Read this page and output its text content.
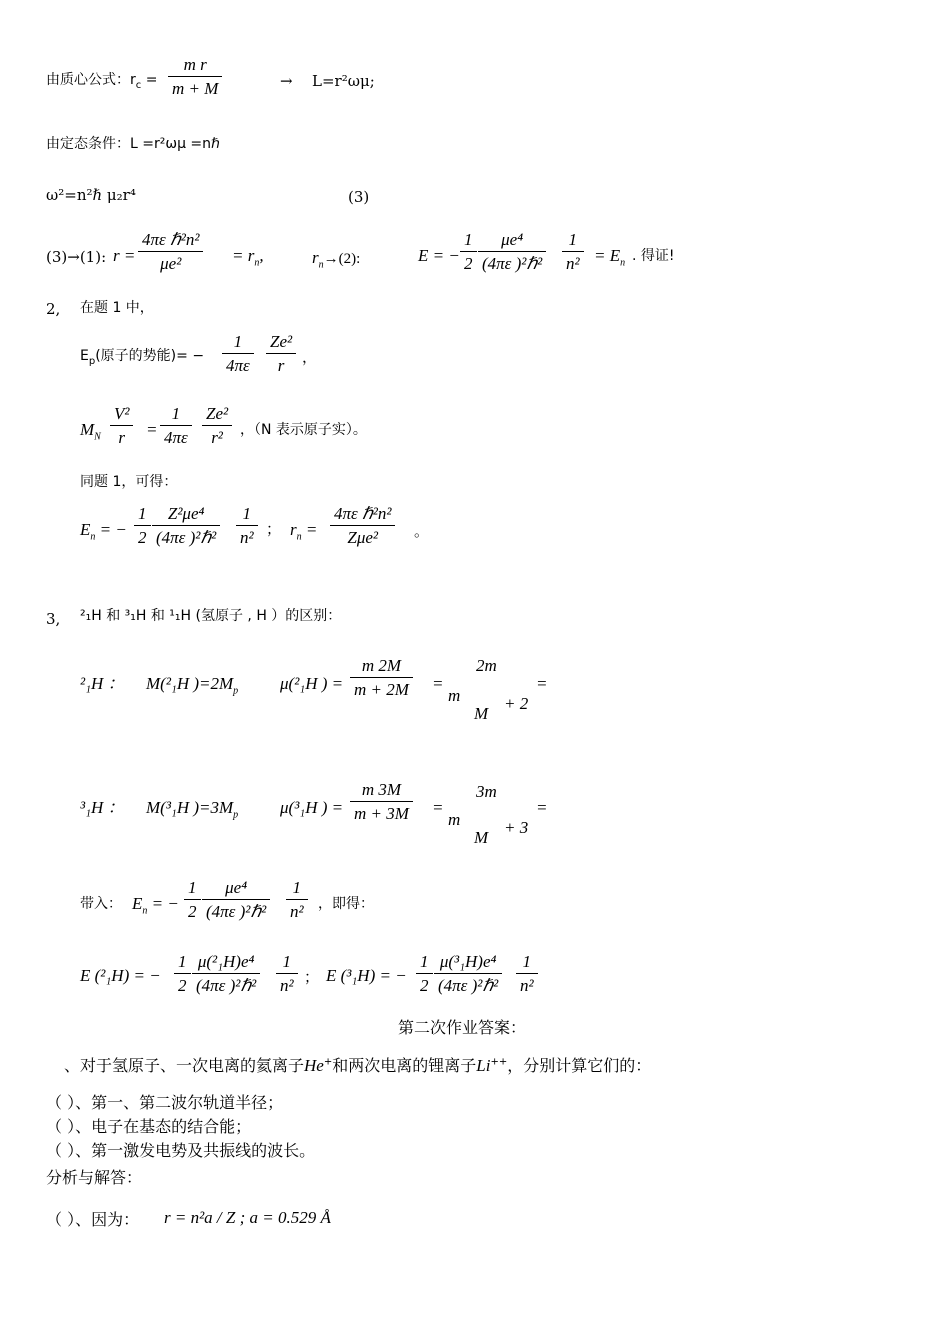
由质心公式：$r_c = \frac{\text{m r}}{m + M}$	→ L=r²ωμ;
由定态条件：L =r²ωμ =nℏ
ω²=n²ℏ μ₂r⁴	(3)
(3)→(1): r =
4πε ℏ²n²
μe²	= $r_n$,	$r_n\to(2)$:	E = − $\frac{1}{2}$	μe⁴
(4πε )²ℏ² $\frac{1}{\text{n²}} = E_n$ . 得证!
2, 在题 1 中，
$E_p$(原子的势能)= − $\frac{1}{4\pi\varepsilon} \frac{\text{Ze²}}{r}$ ，
$M_N \frac{\text{V²}}{r} = \frac{1}{4\pi\varepsilon} \frac{\text{Ze²}}{\text{r²}}$ ，（N 表示原子实）。
同题 1，可得：
$E_n$ = − $\frac{1}{2}$	Z²μe⁴
(4πε )²ℏ² $\frac{1}{\text{n²}}$ ； $r_n$ =
4πε ℏ²n²
Zμe²	。
3, ²₁H 和 ³₁H 和 ¹₁H (氢原子 , H ）的区别：
²₁H ： M(²₁H )$=2M_p$ μ(²₁H ) = $\frac{m 2M}{m + 2M}$ =
2m
m
M
+ 2
=
³₁H ： M(³₁H )$=3M_p$ μ(³₁H ) = $\frac{m 3M}{m + 3M}$ =
3m
m
M
+ 3
=
带入： $E_n$ = − $\frac{1}{2}$	μe⁴
(4πε )²ℏ² $\frac{1}{\text{n²}}$ ，即得：
E (²₁H) = − $\frac{1}{2} \mu(^2_1H)e^4$
(4πε )²ℏ² $\frac{1}{\text{n²}}$ ； E (³₁H) = − $\frac{1}{2} \mu(^3_1H)e^4$
(4πε )²ℏ² $\frac{1}{\text{n²}}$
第二次作业答案：
、对于氢原子、一次电离的氦离子He+和两次电离的锂离子Li++，分别计算它们的：
（ ）、第一、第二波尔轨道半径；
（ ）、电子在基态的结合能；
（ ）、第一激发电势及共振线的波长。
分析与解答：
（ ）、因为： r = n²a / Z ; a = 0.529 Å
